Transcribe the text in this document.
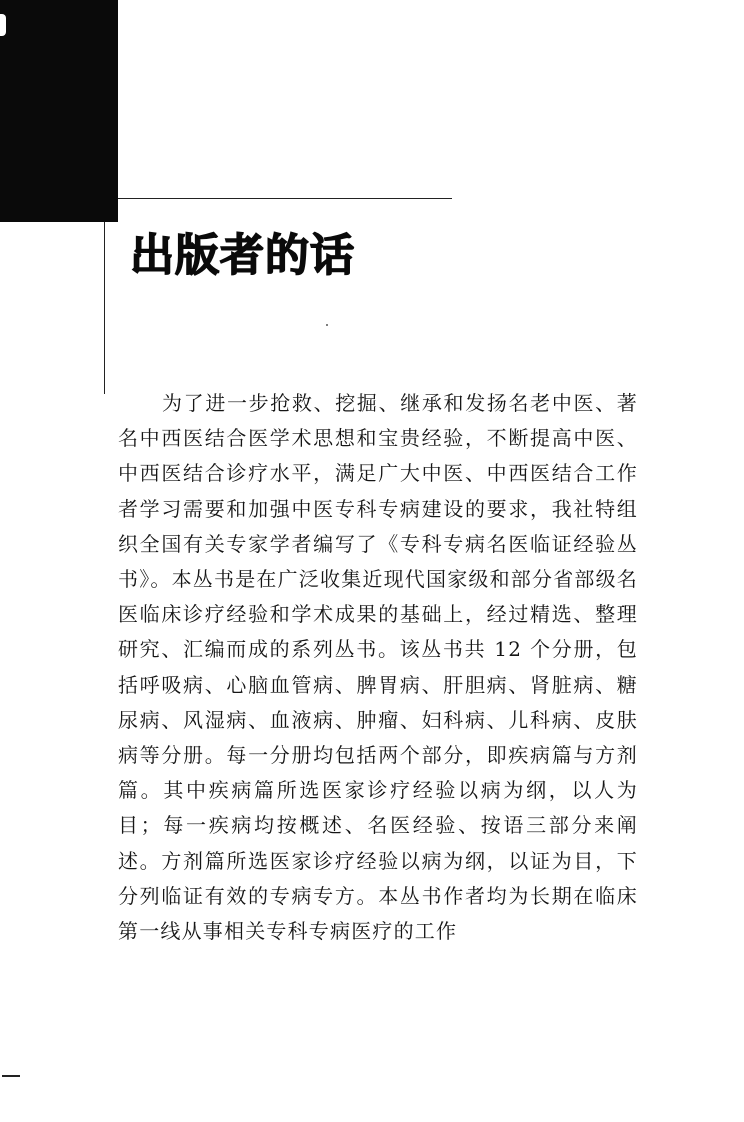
出版者的话

为了进一步抢救、挖掘、继承和发扬名老中医、著名中西医结合医学术思想和宝贵经验，不断提高中医、中西医结合诊疗水平，满足广大中医、中西医结合工作者学习需要和加强中医专科专病建设的要求，我社特组织全国有关专家学者编写了《专科专病名医临证经验丛书》。本丛书是在广泛收集近现代国家级和部分省部级名医临床诊疗经验和学术成果的基础上，经过精选、整理研究、汇编而成的系列丛书。该丛书共 12 个分册，包括呼吸病、心脑血管病、脾胃病、肝胆病、肾脏病、糖尿病、风湿病、血液病、肿瘤、妇科病、儿科病、皮肤病等分册。每一分册均包括两个部分，即疾病篇与方剂篇。其中疾病篇所选医家诊疗经验以病为纲，以人为目；每一疾病均按概述、名医经验、按语三部分来阐述。方剂篇所选医家诊疗经验以病为纲，以证为目，下分列临证有效的专病专方。本丛书作者均为长期在临床第一线从事相关专科专病医疗的工作
